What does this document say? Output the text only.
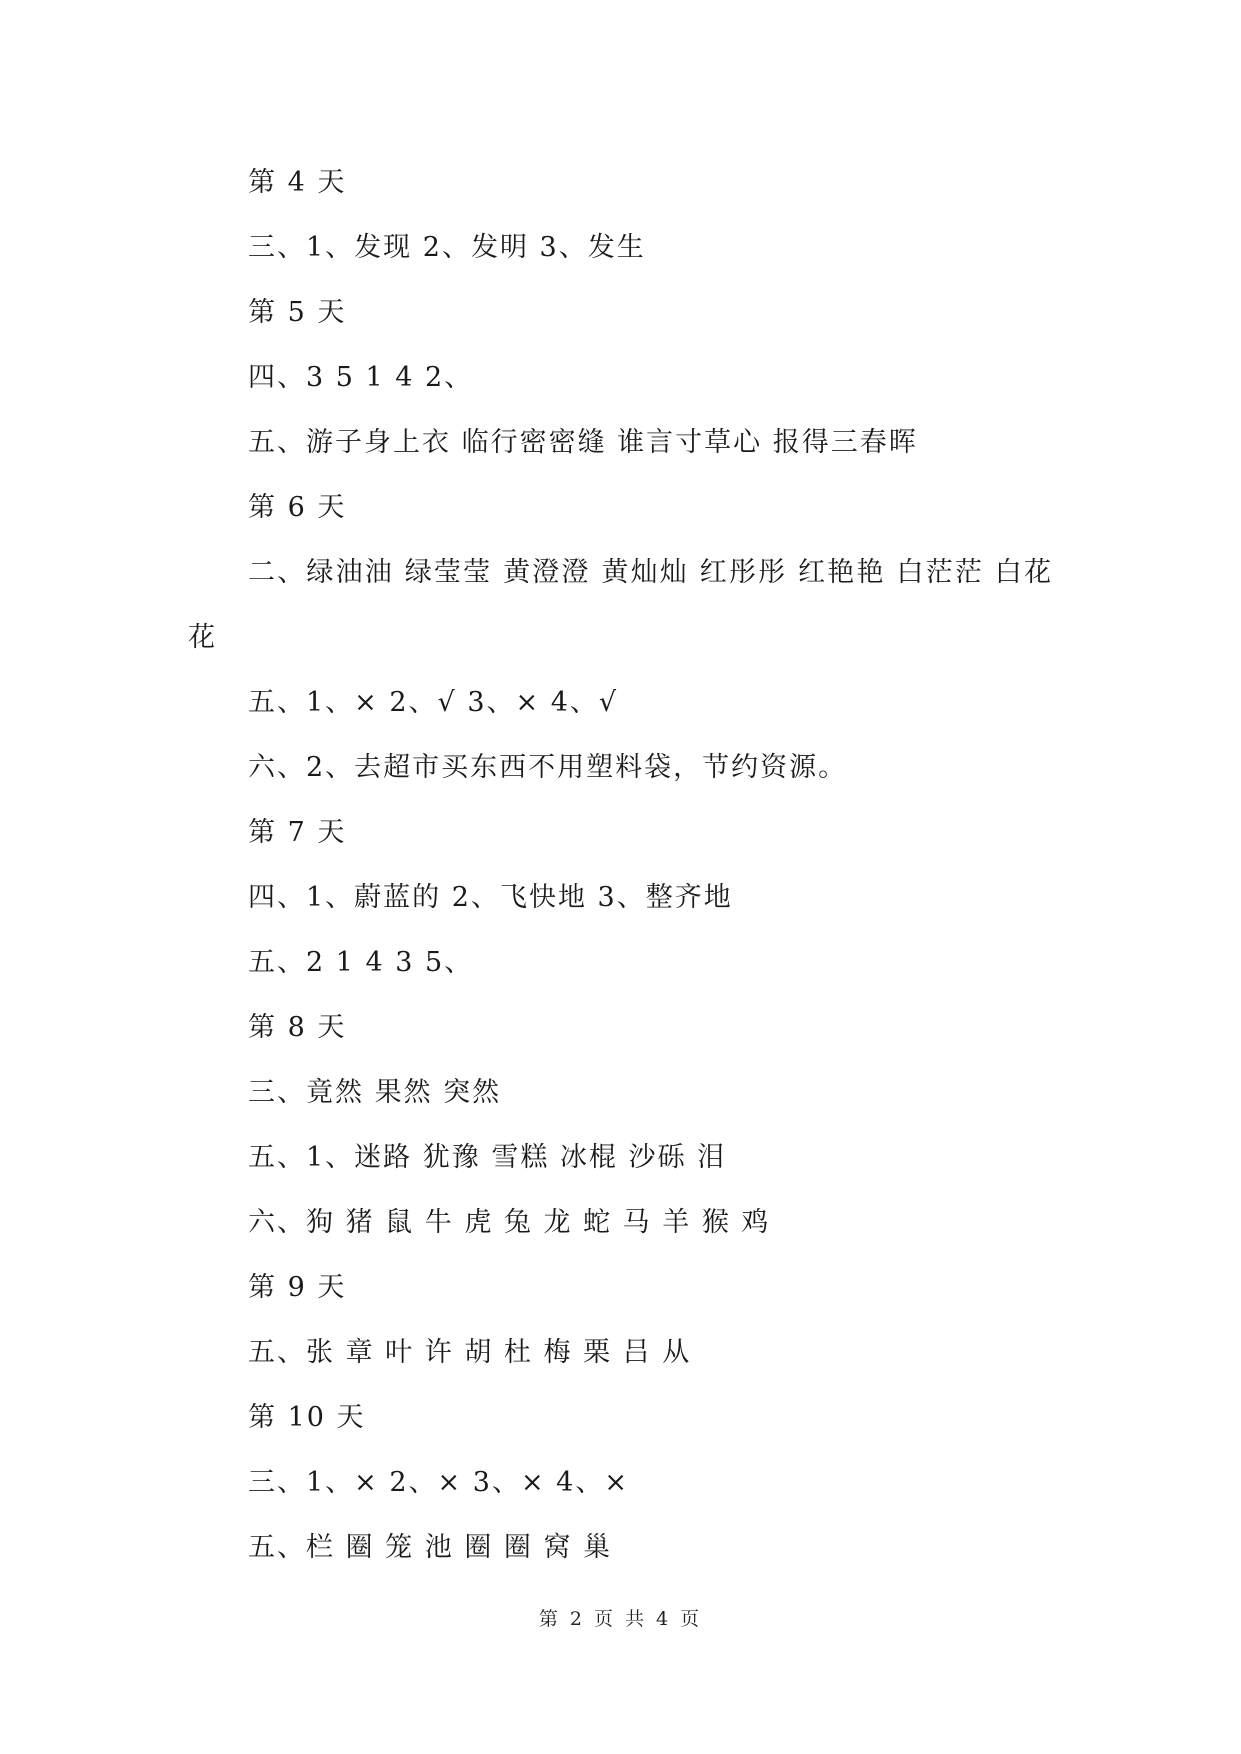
第 4 天
三、1、发现 2、发明 3、发生
第 5 天
四、3 5 1 4 2、
五、游子身上衣 临行密密缝 谁言寸草心 报得三春晖
第 6 天
二、绿油油 绿莹莹 黄澄澄 黄灿灿 红彤彤 红艳艳 白茫茫 白花花
五、1、× 2、√ 3、× 4、√
六、2、去超市买东西不用塑料袋，节约资源。
第 7 天
四、1、蔚蓝的 2、飞快地 3、整齐地
五、2 1 4 3 5、
第 8 天
三、竟然 果然 突然
五、1、迷路 犹豫 雪糕 冰棍 沙砾 泪
六、狗 猪 鼠 牛 虎 兔 龙 蛇 马 羊 猴 鸡
第 9 天
五、张 章 叶 许 胡 杜 梅 栗 吕 从
第 10 天
三、1、× 2、× 3、× 4、×
五、栏 圈 笼 池 圈 圈 窝 巢
第 2 页 共 4 页
